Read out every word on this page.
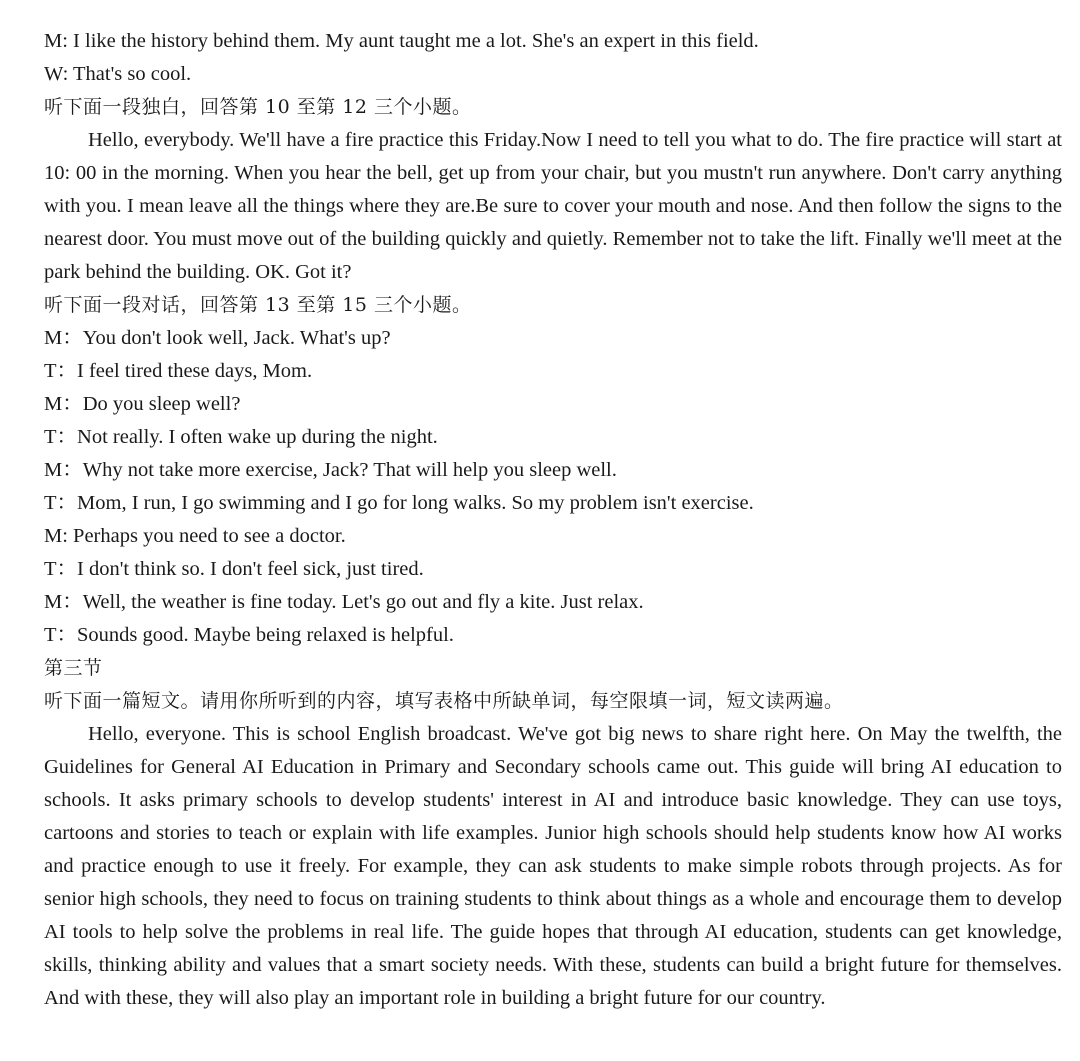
M: I like the history behind them. My aunt taught me a lot. She's an expert in this field.
W: That's so cool.
听下面一段独白，回答第 10 至第 12 三个小题。

Hello, everybody. We'll have a fire practice this Friday.Now I need to tell you what to do. The fire practice will start at 10: 00 in the morning. When you hear the bell, get up from your chair, but you mustn't run anywhere. Don't carry anything with you. I mean leave all the things where they are.Be sure to cover your mouth and nose. And then follow the signs to the nearest door. You must move out of the building quickly and quietly. Remember not to take the lift. Finally we'll meet at the park behind the building. OK. Got it?

听下面一段对话，回答第 13 至第 15 三个小题。
M：You don't look well, Jack. What's up?
T：I feel tired these days, Mom.
M：Do you sleep well?
T：Not really. I often wake up during the night.
M：Why not take more exercise, Jack? That will help you sleep well.
T：Mom, I run, I go swimming and I go for long walks. So my problem isn't exercise.
M: Perhaps you need to see a doctor.
T：I don't think so. I don't feel sick, just tired.
M：Well, the weather is fine today. Let's go out and fly a kite. Just relax.
T：Sounds good. Maybe being relaxed is helpful.
第三节
听下面一篇短文。请用你所听到的内容，填写表格中所缺单词，每空限填一词，短文读两遍。

Hello, everyone. This is school English broadcast. We've got big news to share right here. On May the twelfth, the Guidelines for General AI Education in Primary and Secondary schools came out. This guide will bring AI education to schools. It asks primary schools to develop students' interest in AI and introduce basic knowledge. They can use toys, cartoons and stories to teach or explain with life examples. Junior high schools should help students know how AI works and practice enough to use it freely. For example, they can ask students to make simple robots through projects. As for senior high schools, they need to focus on training students to think about things as a whole and encourage them to develop AI tools to help solve the problems in real life. The guide hopes that through AI education, students can get knowledge, skills, thinking ability and values that a smart society needs. With these, students can build a bright future for themselves. And with these, they will also play an important role in building a bright future for our country.
